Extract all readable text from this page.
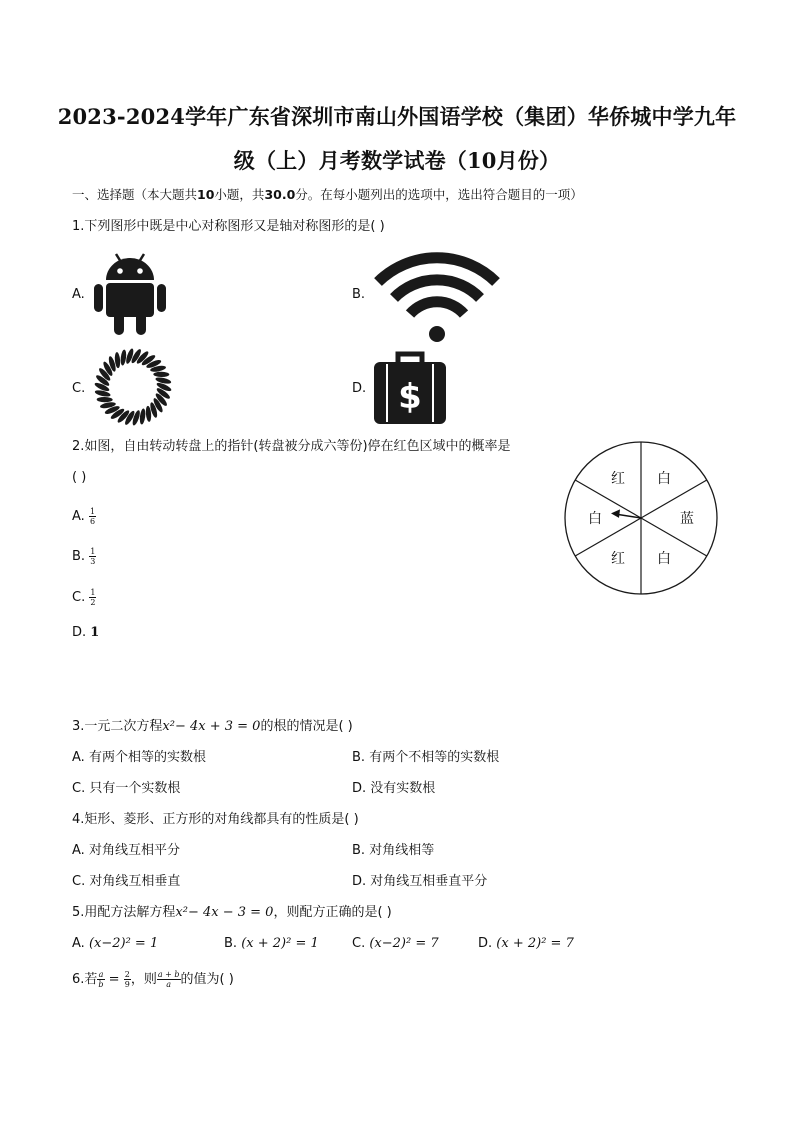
2023-2024学年广东省深圳市南山外国语学校（集团）华侨城中学九年
级（上）月考数学试卷（10月份）
一、选择题（本大题共10小题，共30.0分。在每小题列出的选项中，选出符合题目的一项）
1.下列图形中既是中心对称图形又是轴对称图形的是( )
A.	B.
C.	D. $
2.如图，自由转动转盘上的指针(转盘被分成六等份)停在红色区域中的概率是
( )
A. $\frac{1}{6}$
B. $\frac{1}{3}$
C. $\frac{1}{2}$
D. 1
红 白
蓝
白
红
白
3.一元二次方程x²− 4x + 3 = 0的根的情况是( )
A. 有两个相等的实数根	B. 有两个不相等的实数根
C. 只有一个实数根	D. 没有实数根
4.矩形、菱形、正方形的对角线都具有的性质是( )
A. 对角线互相平分	B. 对角线相等
C. 对角线互相垂直	D. 对角线互相垂直平分
5.用配方法解方程x²− 4x − 3 = 0，则配方正确的是( )
A. (x−2)² = 1	B. (x + 2)² = 1	C. (x−2)² = 7	D. (x + 2)² = 7
6.若 $\frac{a}{b} = \frac{2}{9}$ ，则 $\frac{a + b}{a}$ 的值为( )
